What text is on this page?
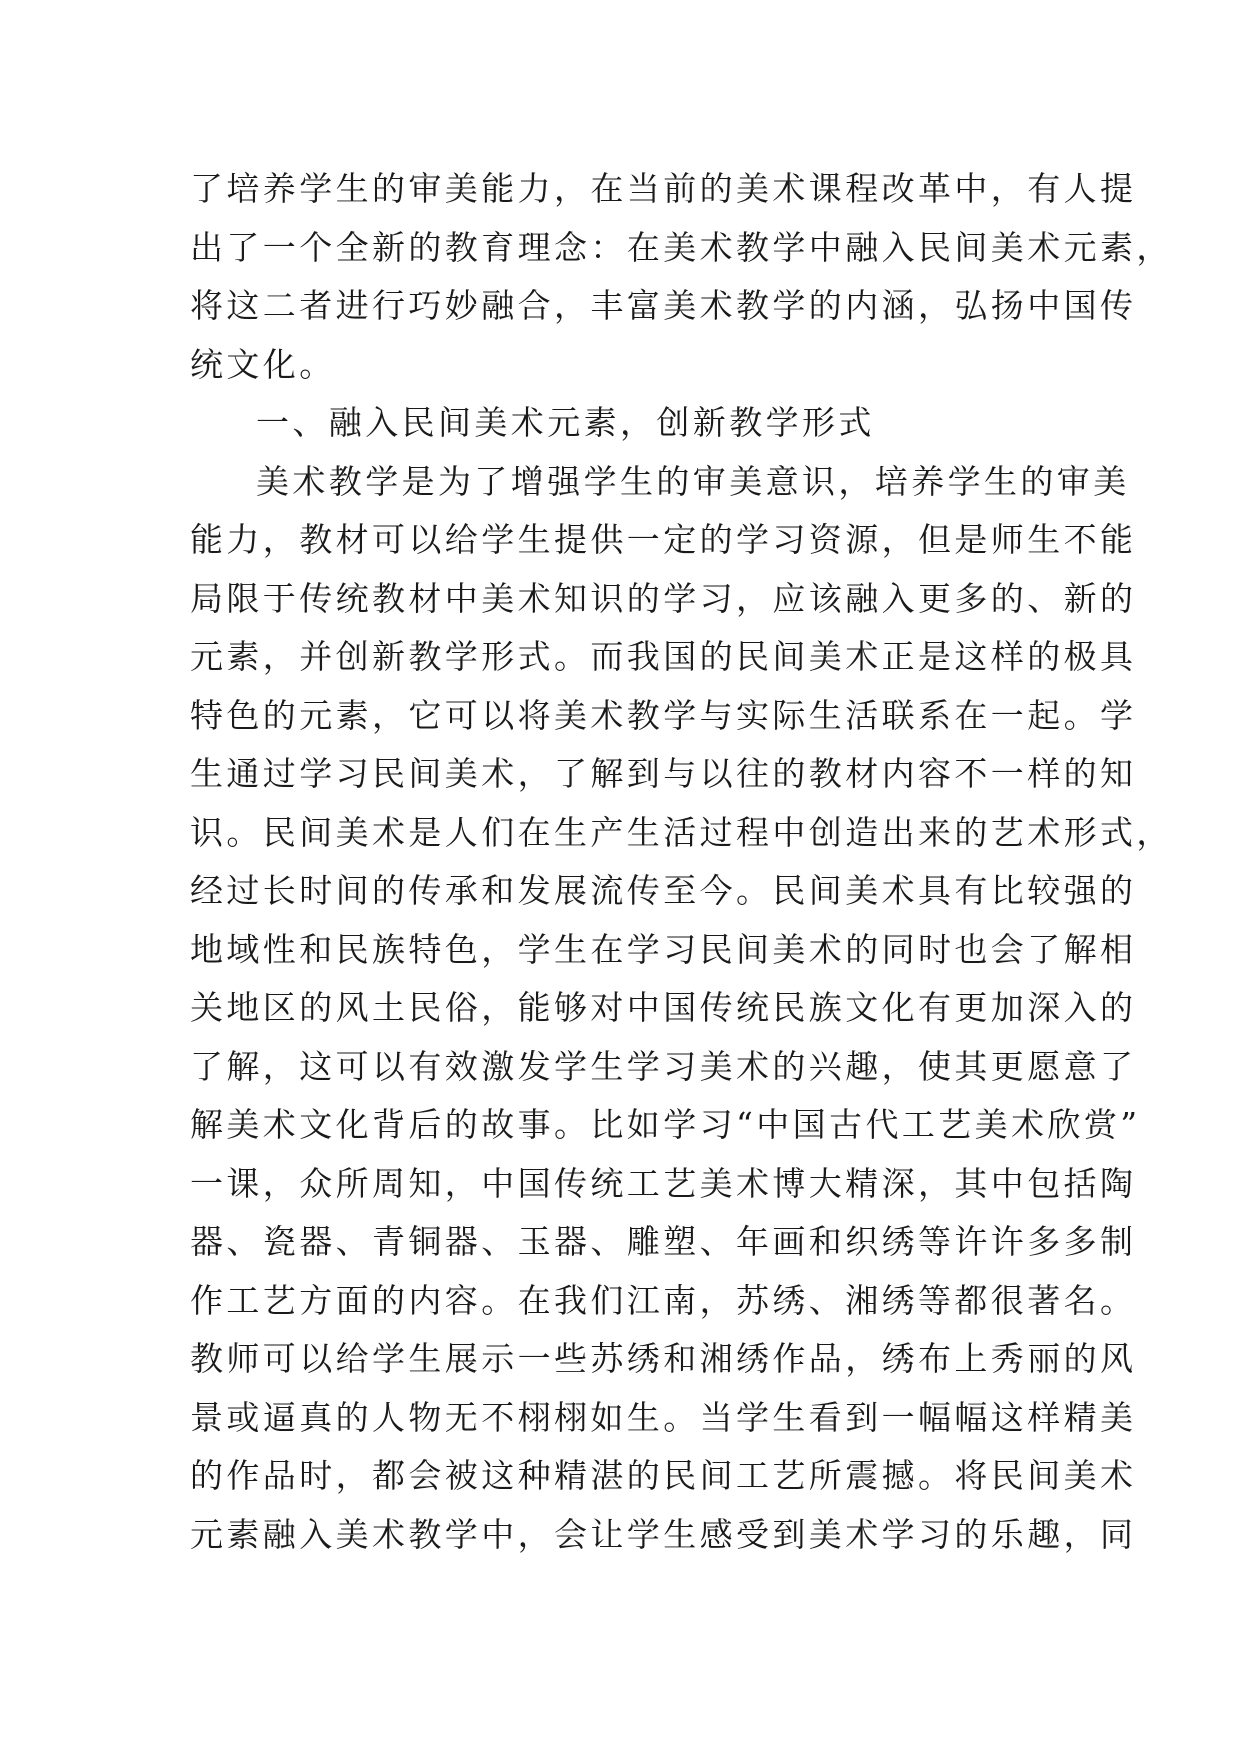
了培养学生的审美能力，在当前的美术课程改革中，有人提
出了一个全新的教育理念：在美术教学中融入民间美术元素，
将这二者进行巧妙融合，丰富美术教学的内涵，弘扬中国传
统文化。
一、融入民间美术元素，创新教学形式
美术教学是为了增强学生的审美意识，培养学生的审美
能力，教材可以给学生提供一定的学习资源，但是师生不能
局限于传统教材中美术知识的学习，应该融入更多的、新的
元素，并创新教学形式。而我国的民间美术正是这样的极具
特色的元素，它可以将美术教学与实际生活联系在一起。学
生通过学习民间美术，了解到与以往的教材内容不一样的知
识。民间美术是人们在生产生活过程中创造出来的艺术形式，
经过长时间的传承和发展流传至今。民间美术具有比较强的
地域性和民族特色，学生在学习民间美术的同时也会了解相
关地区的风土民俗，能够对中国传统民族文化有更加深入的
了解，这可以有效激发学生学习美术的兴趣，使其更愿意了
解美术文化背后的故事。比如学习“中国古代工艺美术欣赏”
一课，众所周知，中国传统工艺美术博大精深，其中包括陶
器、瓷器、青铜器、玉器、雕塑、年画和织绣等许许多多制
作工艺方面的内容。在我们江南，苏绣、湘绣等都很著名。
教师可以给学生展示一些苏绣和湘绣作品，绣布上秀丽的风
景或逼真的人物无不栩栩如生。当学生看到一幅幅这样精美
的作品时，都会被这种精湛的民间工艺所震撼。将民间美术
元素融入美术教学中，会让学生感受到美术学习的乐趣，同
